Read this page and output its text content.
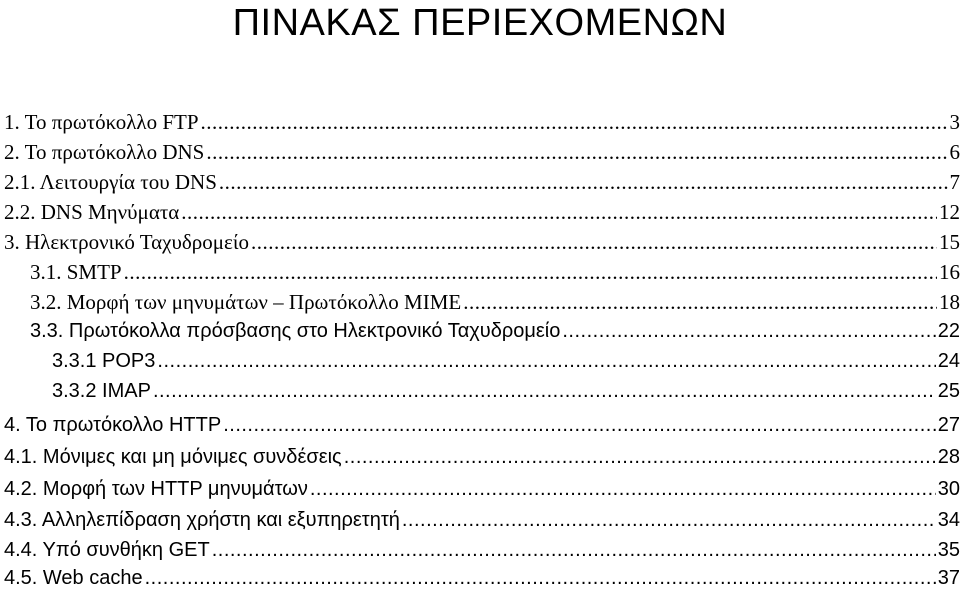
ΠΙΝΑΚΑΣ ΠΕΡΙΕΧΟΜΕΝΩΝ
1. Το πρωτόκολλο FTP .....	3
2. Το πρωτόκολλο DNS .....	6
2.1. Λειτουργία του DNS .....	7
2.2. DNS Μηνύματα .....	12
3. Ηλεκτρονικό Ταχυδρομείο .....	15
3.1. SMTP .....	16
3.2. Μορφή των μηνυμάτων – Πρωτόκολλο MIME .....	18
3.3. Πρωτόκολλα πρόσβασης στο Ηλεκτρονικό Ταχυδρομείο .....	22
3.3.1 POP3 .....	24
3.3.2 IMAP .....	25
4. Το πρωτόκολλο HTTP .....	27
4.1. Μόνιμες και μη μόνιμες συνδέσεις .....	28
4.2. Μορφή των HTTP μηνυμάτων .....	30
4.3. Αλληλεπίδραση χρήστη και εξυπηρετητή .....	34
4.4. Υπό συνθήκη GET .....	35
4.5. Web cache .....	37
